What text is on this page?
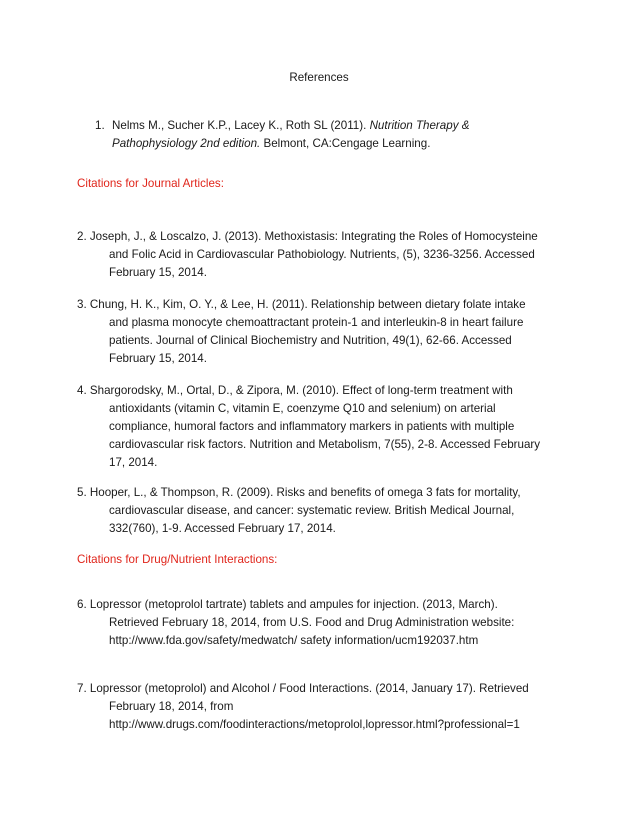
References
1. Nelms M., Sucher K.P., Lacey K., Roth SL (2011). Nutrition Therapy &
Pathophysiology 2nd edition. Belmont, CA:Cengage Learning.
Citations for Journal Articles:
2. Joseph, J., & Loscalzo, J. (2013). Methoxistasis: Integrating the Roles of Homocysteine
and Folic Acid in Cardiovascular Pathobiology. Nutrients, (5), 3236-3256. Accessed
February 15, 2014.
3. Chung, H. K., Kim, O. Y., & Lee, H. (2011). Relationship between dietary folate intake
and plasma monocyte chemoattractant protein-1 and interleukin-8 in heart failure
patients. Journal of Clinical Biochemistry and Nutrition, 49(1), 62-66. Accessed
February 15, 2014.
4. Shargorodsky, M., Ortal, D., & Zipora, M. (2010). Effect of long-term treatment with
antioxidants (vitamin C, vitamin E, coenzyme Q10 and selenium) on arterial
compliance, humoral factors and inflammatory markers in patients with multiple
cardiovascular risk factors. Nutrition and Metabolism, 7(55), 2-8. Accessed February
17, 2014.
5. Hooper, L., & Thompson, R. (2009). Risks and benefits of omega 3 fats for mortality,
cardiovascular disease, and cancer: systematic review. British Medical Journal,
332(760), 1-9. Accessed February 17, 2014.
Citations for Drug/Nutrient Interactions:
6. Lopressor (metoprolol tartrate) tablets and ampules for injection. (2013, March).
Retrieved February 18, 2014, from U.S. Food and Drug Administration website:
http://www.fda.gov/safety/medwatch/ safety information/ucm192037.htm
7. Lopressor (metoprolol) and Alcohol / Food Interactions. (2014, January 17). Retrieved
February 18, 2014, from
http://www.drugs.com/foodinteractions/metoprolol,lopressor.html?professional=1
